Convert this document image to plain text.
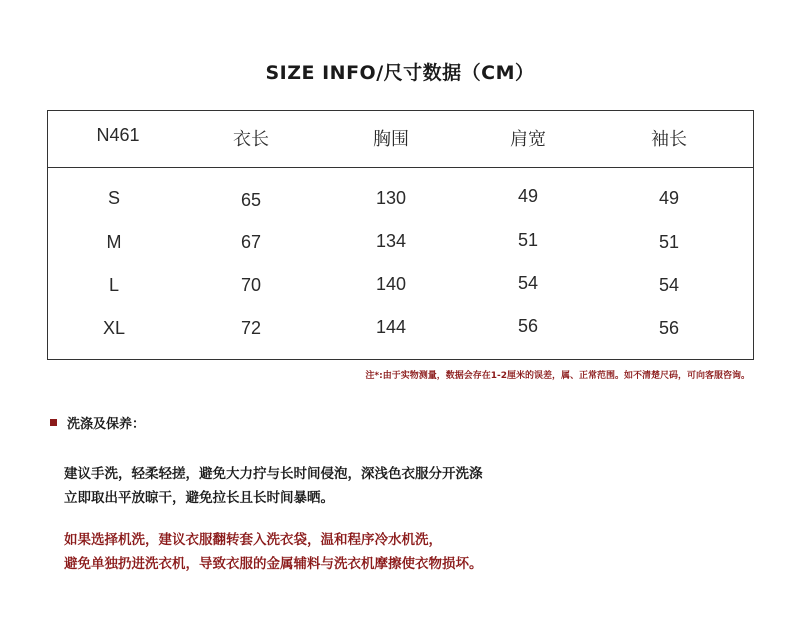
SIZE INFO/尺寸数据（CM）
N461	衣长	胸围	肩宽	袖长
S	65	130	49	49
M	67	134	51	51
L	70	140	54	54
XL	72	144	56	56
注*:由于实物测量，数据会存在1-2厘米的误差，属、正常范围。如不清楚尺码，可向客服咨询。
洗涤及保养：
建议手洗，轻柔轻搓，避免大力拧与长时间侵泡，深浅色衣服分开洗涤
立即取出平放晾干，避免拉长且长时间暴晒。
如果选择机洗，建议衣服翻转套入洗衣袋，温和程序冷水机洗，
避免单独扔进洗衣机，导致衣服的金属辅料与洗衣机摩擦使衣物损坏。
